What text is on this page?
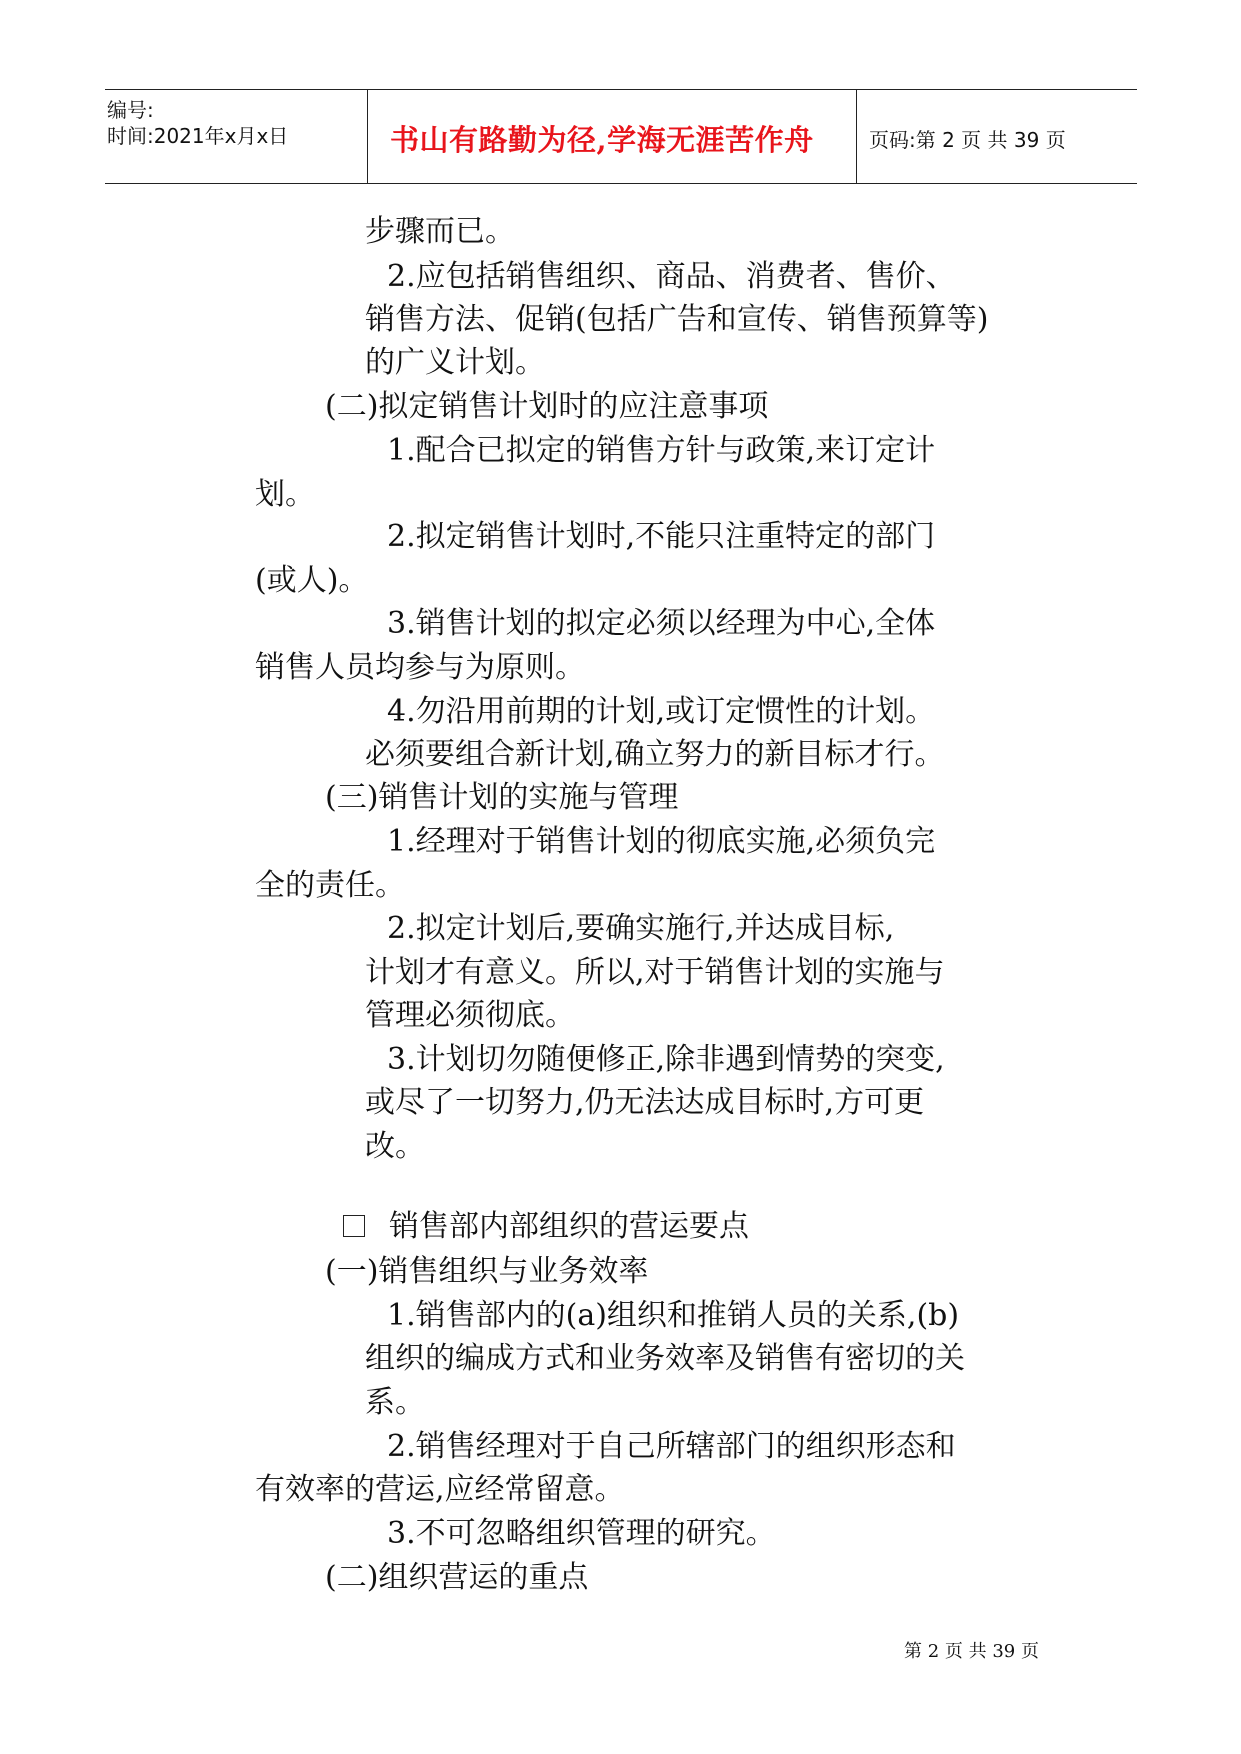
编号:
时间:2021年x月x日	书山有路勤为径,学海无涯苦作舟	页码:第 2 页 共 39 页
步骤而已。
2.应包括销售组织、商品、消费者、售价、
销售方法、促销(包括广告和宣传、销售预算等)
的广义计划。
(二)拟定销售计划时的应注意事项
1.配合已拟定的销售方针与政策,来订定计
划。
2.拟定销售计划时,不能只注重特定的部门
(或人)。
3.销售计划的拟定必须以经理为中心,全体
销售人员均参与为原则。
4.勿沿用前期的计划,或订定惯性的计划。
必须要组合新计划,确立努力的新目标才行。
(三)销售计划的实施与管理
1.经理对于销售计划的彻底实施,必须负完
全的责任。
2.拟定计划后,要确实施行,并达成目标,
计划才有意义。所以,对于销售计划的实施与
管理必须彻底。
3.计划切勿随便修正,除非遇到情势的突变,
或尽了一切努力,仍无法达成目标时,方可更
改。
销售部内部组织的营运要点
(一)销售组织与业务效率
1.销售部内的(a)组织和推销人员的关系,(b)
组织的编成方式和业务效率及销售有密切的关
系。
2.销售经理对于自己所辖部门的组织形态和
有效率的营运,应经常留意。
3.不可忽略组织管理的研究。
(二)组织营运的重点
第 2 页 共 39 页
